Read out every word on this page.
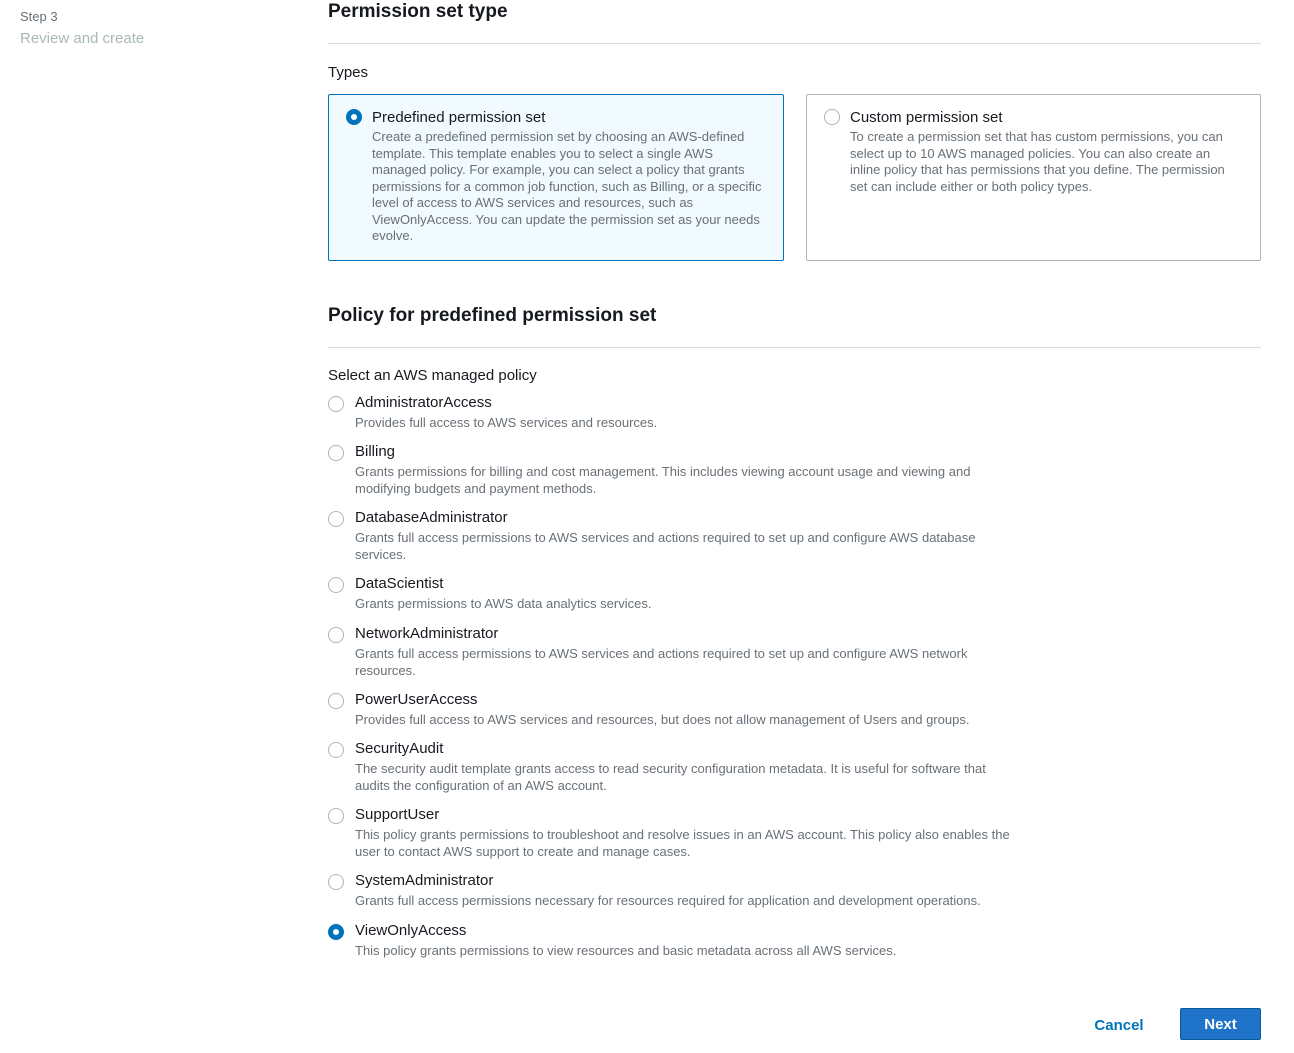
Step 3
Review and create
Permission set type
Types
Predefined permission set
Create a predefined permission set by choosing an AWS-defined template. This template enables you to select a single AWS managed policy. For example, you can select a policy that grants permissions for a common job function, such as Billing, or a specific level of access to AWS services and resources, such as ViewOnlyAccess. You can update the permission set as your needs evolve.
Custom permission set
To create a permission set that has custom permissions, you can select up to 10 AWS managed policies. You can also create an inline policy that has permissions that you define. The permission set can include either or both policy types.
Policy for predefined permission set
Select an AWS managed policy
AdministratorAccess
Provides full access to AWS services and resources.
Billing
Grants permissions for billing and cost management. This includes viewing account usage and viewing and modifying budgets and payment methods.
DatabaseAdministrator
Grants full access permissions to AWS services and actions required to set up and configure AWS database services.
DataScientist
Grants permissions to AWS data analytics services.
NetworkAdministrator
Grants full access permissions to AWS services and actions required to set up and configure AWS network resources.
PowerUserAccess
Provides full access to AWS services and resources, but does not allow management of Users and groups.
SecurityAudit
The security audit template grants access to read security configuration metadata. It is useful for software that audits the configuration of an AWS account.
SupportUser
This policy grants permissions to troubleshoot and resolve issues in an AWS account. This policy also enables the user to contact AWS support to create and manage cases.
SystemAdministrator
Grants full access permissions necessary for resources required for application and development operations.
ViewOnlyAccess
This policy grants permissions to view resources and basic metadata across all AWS services.
Cancel	Next
